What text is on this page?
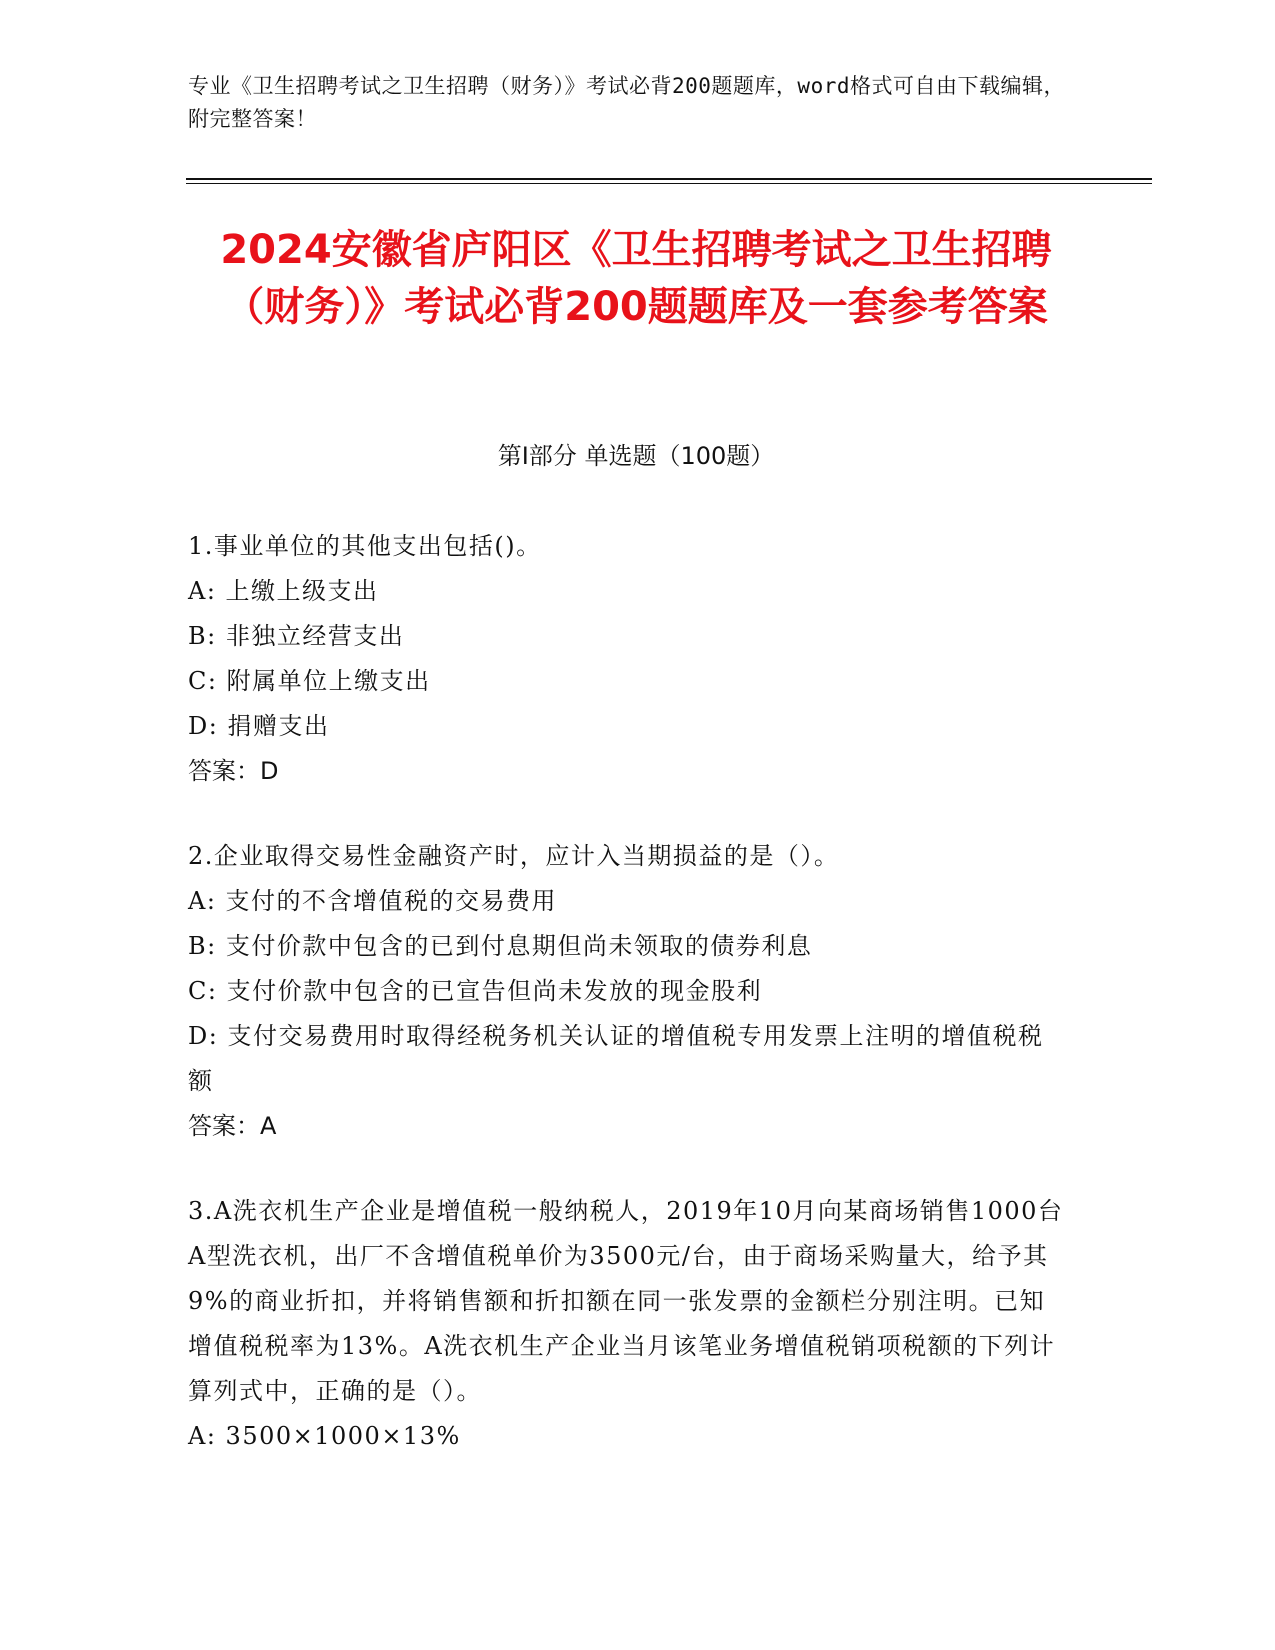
专业《卫生招聘考试之卫生招聘（财务）》考试必背200题题库，word格式可自由下载编辑，附完整答案！
2024安徽省庐阳区《卫生招聘考试之卫生招聘（财务）》考试必背200题题库及一套参考答案
第Ⅰ部分 单选题（100题）
1.事业单位的其他支出包括()。
A: 上缴上级支出
B: 非独立经营支出
C: 附属单位上缴支出
D: 捐赠支出
答案：D
2.企业取得交易性金融资产时，应计入当期损益的是（）。
A: 支付的不含增值税的交易费用
B: 支付价款中包含的已到付息期但尚未领取的债券利息
C: 支付价款中包含的已宣告但尚未发放的现金股利
D: 支付交易费用时取得经税务机关认证的增值税专用发票上注明的增值税税额
答案：A
3.A洗衣机生产企业是增值税一般纳税人，2019年10月向某商场销售1000台A型洗衣机，出厂不含增值税单价为3500元/台，由于商场采购量大，给予其9%的商业折扣，并将销售额和折扣额在同一张发票的金额栏分别注明。已知增值税税率为13%。A洗衣机生产企业当月该笔业务增值税销项税额的下列计算列式中，正确的是（）。
A: 3500×1000×13%
